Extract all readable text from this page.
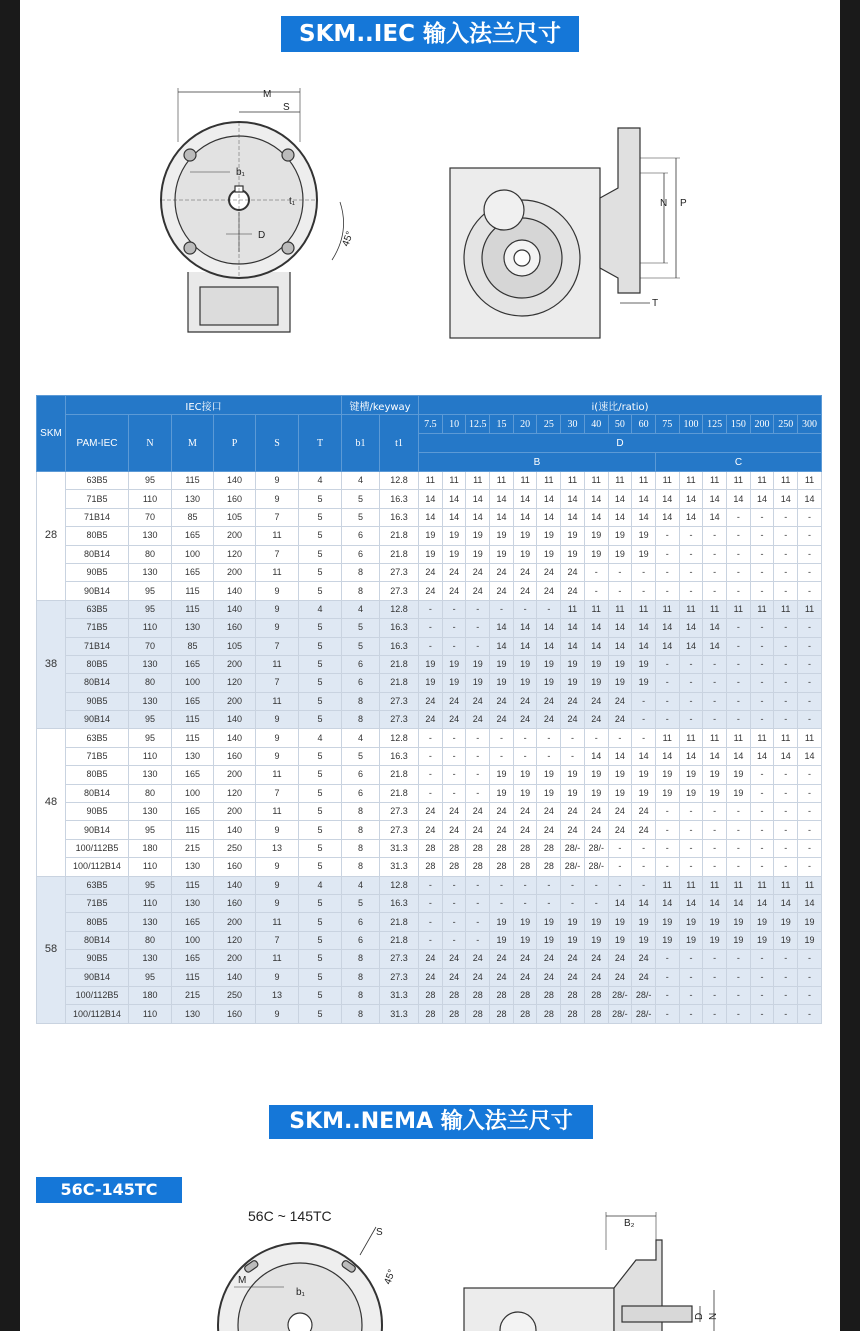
SKM..IEC 输入法兰尺寸
M
S
b₁
t₁
D	45°
N P
T
SKM	IEC接口						键槽/keyway		i(速比/ratio)																
	PAM-IEC	N	M	P	S	T	b1	t1	7.5	10	12.5	15	20	25	30	40	50	60	75	100	125	150	200	250	300
									D																
									B										C						
28	63B5	95	115	140	9	4	4	12.8	11	11	11	11	11	11	11	11	11	11	11	11	11	11	11	11	11
	71B5	110	130	160	9	5	5	16.3	14	14	14	14	14	14	14	14	14	14	14	14	14	14	14	14	14
	71B14	70	85	105	7	5	5	16.3	14	14	14	14	14	14	14	14	14	14	14	14	14	-	-	-	-
	80B5	130	165	200	11	5	6	21.8	19	19	19	19	19	19	19	19	19	19	-	-	-	-	-	-	-
	80B14	80	100	120	7	5	6	21.8	19	19	19	19	19	19	19	19	19	19	-	-	-	-	-	-	-
	90B5	130	165	200	11	5	8	27.3	24	24	24	24	24	24	24	-	-	-	-	-	-	-	-	-	-
	90B14	95	115	140	9	5	8	27.3	24	24	24	24	24	24	24	-	-	-	-	-	-	-	-	-	-
38	63B5	95	115	140	9	4	4	12.8	-	-	-	-	-	-	11	11	11	11	11	11	11	11	11	11	11
	71B5	110	130	160	9	5	5	16.3	-	-	-	14	14	14	14	14	14	14	14	14	14	-	-	-	-
	71B14	70	85	105	7	5	5	16.3	-	-	-	14	14	14	14	14	14	14	14	14	14	-	-	-	-
	80B5	130	165	200	11	5	6	21.8	19	19	19	19	19	19	19	19	19	19	-	-	-	-	-	-	-
	80B14	80	100	120	7	5	6	21.8	19	19	19	19	19	19	19	19	19	19	-	-	-	-	-	-	-
	90B5	130	165	200	11	5	8	27.3	24	24	24	24	24	24	24	24	24	-	-	-	-	-	-	-	-
	90B14	95	115	140	9	5	8	27.3	24	24	24	24	24	24	24	24	24	-	-	-	-	-	-	-	-
48	63B5	95	115	140	9	4	4	12.8	-	-	-	-	-	-	-	-	-	-	11	11	11	11	11	11	11
	71B5	110	130	160	9	5	5	16.3	-	-	-	-	-	-	-	14	14	14	14	14	14	14	14	14	14
	80B5	130	165	200	11	5	6	21.8	-	-	-	19	19	19	19	19	19	19	19	19	19	19	-	-	-
	80B14	80	100	120	7	5	6	21.8	-	-	-	19	19	19	19	19	19	19	19	19	19	19	-	-	-
	90B5	130	165	200	11	5	8	27.3	24	24	24	24	24	24	24	24	24	24	-	-	-	-	-	-	-
	90B14	95	115	140	9	5	8	27.3	24	24	24	24	24	24	24	24	24	24	-	-	-	-	-	-	-
	100/112B5	180	215	250	13	5	8	31.3	28	28	28	28	28	28	28/-	28/-	-	-	-	-	-	-	-	-	-
	100/112B14	110	130	160	9	5	8	31.3	28	28	28	28	28	28	28/-	28/-	-	-	-	-	-	-	-	-	-
58	63B5	95	115	140	9	4	4	12.8	-	-	-	-	-	-	-	-	-	-	11	11	11	11	11	11	11
	71B5	110	130	160	9	5	5	16.3	-	-	-	-	-	-	-	-	14	14	14	14	14	14	14	14	14
	80B5	130	165	200	11	5	6	21.8	-	-	-	19	19	19	19	19	19	19	19	19	19	19	19	19	19
	80B14	80	100	120	7	5	6	21.8	-	-	-	19	19	19	19	19	19	19	19	19	19	19	19	19	19
	90B5	130	165	200	11	5	8	27.3	24	24	24	24	24	24	24	24	24	24	-	-	-	-	-	-	-
	90B14	95	115	140	9	5	8	27.3	24	24	24	24	24	24	24	24	24	24	-	-	-	-	-	-	-
	100/112B5	180	215	250	13	5	8	31.3	28	28	28	28	28	28	28	28	28/-	28/-	-	-	-	-	-	-	-
	100/112B14	110	130	160	9	5	8	31.3	28	28	28	28	28	28	28	28	28/-	28/-	-	-	-	-	-	-	-
SKM..NEMA 输入法兰尺寸
56C-145TC
56C ~ 145TC
M
S
b₁
45°
B₂
D N
